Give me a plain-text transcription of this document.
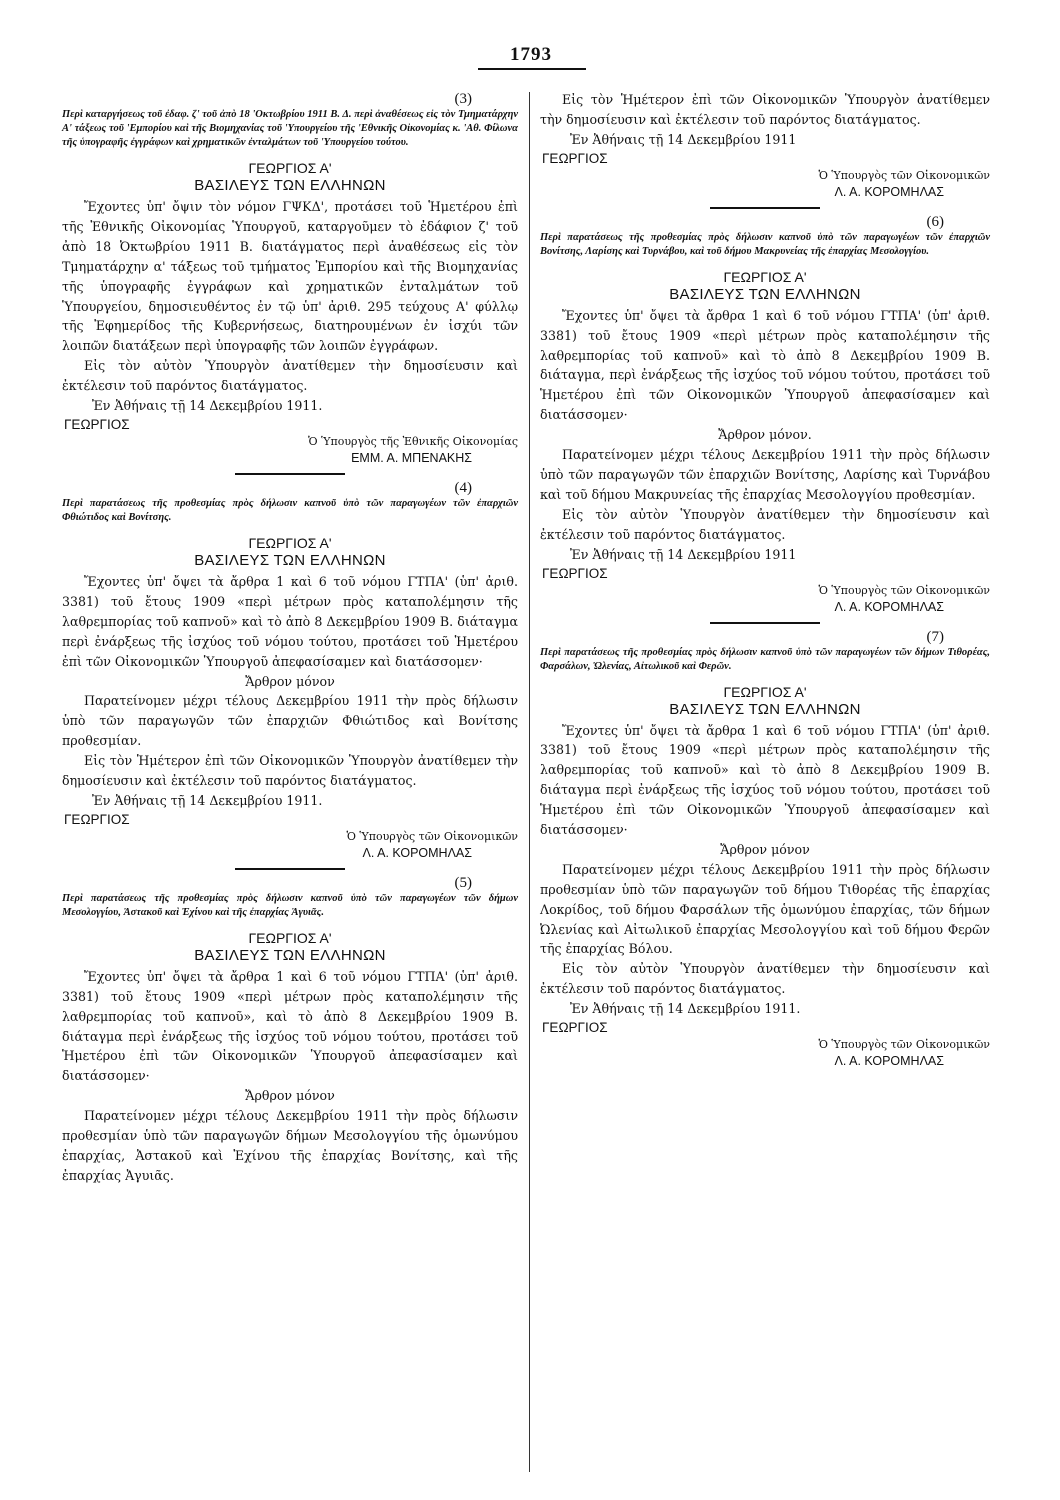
1793

(3)

Περὶ καταργήσεως τοῦ ἐδαφ. ζ' τοῦ ἀπὸ 18 'Οκτωβρίου 1911 Β. Δ. περὶ ἀναθέσεως εἰς τὸν Τμηματάρχην Α' τάξεως τοῦ 'Εμπορίου καὶ τῆς Βιομηχανίας τοῦ 'Υπουργείου τῆς 'Εθνικῆς Οἰκονομίας κ. 'Αθ. Φίλωνα τῆς ὑπογραφῆς ἐγγράφων καὶ χρηματικῶν ἐνταλμάτων τοῦ 'Υπουργείου τούτου.

ΓΕΩΡΓΙΟΣ Α'

ΒΑΣΙΛΕΥΣ ΤΩΝ ΕΛΛΗΝΩΝ

Ἔχοντες ὑπ' ὄψιν τὸν νόμον ΓΨΚΔ', προτάσει τοῦ Ἡμετέρου ἐπὶ τῆς Ἐθνικῆς Οἰκονομίας Ὑπουργοῦ, καταργοῦμεν τὸ ἐδάφιον ζ' τοῦ ἀπὸ 18 Ὀκτωβρίου 1911 Β. διατάγματος περὶ ἀναθέσεως εἰς τὸν Τμηματάρχην α' τάξεως τοῦ τμήματος Ἐμπορίου καὶ τῆς Βιομηχανίας τῆς ὑπογραφῆς ἐγγράφων καὶ χρηματικῶν ἐνταλμάτων τοῦ Ὑπουργείου, δημοσιευθέντος ἐν τῷ ὑπ' ἀριθ. 295 τεύχους Α' φύλλῳ τῆς Ἐφημερίδος τῆς Κυβερνήσεως, διατηρουμένων ἐν ἰσχύι τῶν λοιπῶν διατάξεων περὶ ὑπογραφῆς τῶν λοιπῶν ἐγγράφων.

Εἰς τὸν αὐτὸν Ὑπουργὸν ἀνατίθεμεν τὴν δημοσίευσιν καὶ ἐκτέλεσιν τοῦ παρόντος διατάγματος.

Ἐν Ἀθήναις τῇ 14 Δεκεμβρίου 1911.

ΓΕΩΡΓΙΟΣ

Ὁ Ὑπουργὸς τῆς Ἐθνικῆς Οἰκονομίας

ΕΜΜ. Α. ΜΠΕΝΑΚΗΣ

(4)

Περὶ παρατάσεως τῆς προθεσμίας πρὸς δήλωσιν καπνοῦ ὑπὸ τῶν παραγωγέων τῶν ἐπαρχιῶν Φθιώτιδος καὶ Βονίτσης.

ΓΕΩΡΓΙΟΣ Α'

ΒΑΣΙΛΕΥΣ ΤΩΝ ΕΛΛΗΝΩΝ

Ἔχοντες ὑπ' ὄψει τὰ ἄρθρα 1 καὶ 6 τοῦ νόμου ΓΤΠΑ' (ὑπ' ἀριθ. 3381) τοῦ ἔτους 1909 «περὶ μέτρων πρὸς καταπολέμησιν τῆς λαθρεμπορίας τοῦ καπνοῦ» καὶ τὸ ἀπὸ 8 Δεκεμβρίου 1909 Β. διάταγμα περὶ ἐνάρξεως τῆς ἰσχύος τοῦ νόμου τούτου, προτάσει τοῦ Ἡμετέρου ἐπὶ τῶν Οἰκονομικῶν Ὑπουργοῦ ἀπεφασίσαμεν καὶ διατάσσομεν·

Ἄρθρον μόνον

Παρατείνομεν μέχρι τέλους Δεκεμβρίου 1911 τὴν πρὸς δήλωσιν ὑπὸ τῶν παραγωγῶν τῶν ἐπαρχιῶν Φθιώτιδος καὶ Βονίτσης προθεσμίαν.

Εἰς τὸν Ἡμέτερον ἐπὶ τῶν Οἰκονομικῶν Ὑπουργὸν ἀνατίθεμεν τὴν δημοσίευσιν καὶ ἐκτέλεσιν τοῦ παρόντος διατάγματος.

Ἐν Ἀθήναις τῇ 14 Δεκεμβρίου 1911.

ΓΕΩΡΓΙΟΣ

Ὁ Ὑπουργὸς τῶν Οἰκονομικῶν

Λ. Α. ΚΟΡΟΜΗΛΑΣ

(5)

Περὶ παρατάσεως τῆς προθεσμίας πρὸς δήλωσιν καπνοῦ ὑπὸ τῶν παραγωγέων τῶν δήμων Μεσολογγίου, Ἀστακοῦ καὶ Ἐχίνου καὶ τῆς ἐπαρχίας Ἀγυιᾶς.

ΓΕΩΡΓΙΟΣ Α'

ΒΑΣΙΛΕΥΣ ΤΩΝ ΕΛΛΗΝΩΝ

Ἔχοντες ὑπ' ὄψει τὰ ἄρθρα 1 καὶ 6 τοῦ νόμου ΓΤΠΑ' (ὑπ' ἀριθ. 3381) τοῦ ἔτους 1909 «περὶ μέτρων πρὸς καταπολέμησιν τῆς λαθρεμπορίας τοῦ καπνοῦ», καὶ τὸ ἀπὸ 8 Δεκεμβρίου 1909 Β. διάταγμα περὶ ἐνάρξεως τῆς ἰσχύος τοῦ νόμου τούτου, προτάσει τοῦ Ἡμετέρου ἐπὶ τῶν Οἰκονομικῶν Ὑπουργοῦ ἀπεφασίσαμεν καὶ διατάσσομεν·

Ἄρθρον μόνον

Παρατείνομεν μέχρι τέλους Δεκεμβρίου 1911 τὴν πρὸς δήλωσιν προθεσμίαν ὑπὸ τῶν παραγωγῶν δήμων Μεσολογγίου τῆς ὁμωνύμου ἐπαρχίας, Ἀστακοῦ καὶ Ἐχίνου τῆς ἐπαρχίας Βονίτσης, καὶ τῆς ἐπαρχίας Ἀγυιᾶς.

Εἰς τὸν Ἡμέτερον ἐπὶ τῶν Οἰκονομικῶν Ὑπουργὸν ἀνατίθεμεν τὴν δημοσίευσιν καὶ ἐκτέλεσιν τοῦ παρόντος διατάγματος.

Ἐν Ἀθήναις τῇ 14 Δεκεμβρίου 1911

ΓΕΩΡΓΙΟΣ

Ὁ Ὑπουργὸς τῶν Οἰκονομικῶν

Λ. Α. ΚΟΡΟΜΗΛΑΣ

(6)

Περὶ παρατάσεως τῆς προθεσμίας πρὸς δήλωσιν καπνοῦ ὑπὸ τῶν παραγωγέων τῶν ἐπαρχιῶν Βονίτσης, Λαρίσης καὶ Τυρνάβου, καὶ τοῦ δήμου Μακρυνείας τῆς ἐπαρχίας Μεσολογγίου.

ΓΕΩΡΓΙΟΣ Α'

ΒΑΣΙΛΕΥΣ ΤΩΝ ΕΛΛΗΝΩΝ

Ἔχοντες ὑπ' ὄψει τὰ ἄρθρα 1 καὶ 6 τοῦ νόμου ΓΤΠΑ' (ὑπ' ἀριθ. 3381) τοῦ ἔτους 1909 «περὶ μέτρων πρὸς καταπολέμησιν τῆς λαθρεμπορίας τοῦ καπνοῦ» καὶ τὸ ἀπὸ 8 Δεκεμβρίου 1909 Β. διάταγμα, περὶ ἐνάρξεως τῆς ἰσχύος τοῦ νόμου τούτου, προτάσει τοῦ Ἡμετέρου ἐπὶ τῶν Οἰκονομικῶν Ὑπουργοῦ ἀπεφασίσαμεν καὶ διατάσσομεν·

Ἄρθρον μόνον.

Παρατείνομεν μέχρι τέλους Δεκεμβρίου 1911 τὴν πρὸς δήλωσιν ὑπὸ τῶν παραγωγῶν τῶν ἐπαρχιῶν Βονίτσης, Λαρίσης καὶ Τυρνάβου καὶ τοῦ δήμου Μακρυνείας τῆς ἐπαρχίας Μεσολογγίου προθεσμίαν.

Εἰς τὸν αὐτὸν Ὑπουργὸν ἀνατίθεμεν τὴν δημοσίευσιν καὶ ἐκτέλεσιν τοῦ παρόντος διατάγματος.

Ἐν Ἀθήναις τῇ 14 Δεκεμβρίου 1911

ΓΕΩΡΓΙΟΣ

Ὁ Ὑπουργὸς τῶν Οἰκονομικῶν

Λ. Α. ΚΟΡΟΜΗΛΑΣ

(7)

Περὶ παρατάσεως τῆς προθεσμίας πρὸς δήλωσιν καπνοῦ ὑπὸ τῶν παραγωγέων τῶν δήμων Τιθορέας, Φαρσάλων, Ὠλενίας, Αἰτωλικοῦ καὶ Φερῶν.

ΓΕΩΡΓΙΟΣ Α'

ΒΑΣΙΛΕΥΣ ΤΩΝ ΕΛΛΗΝΩΝ

Ἔχοντες ὑπ' ὄψει τὰ ἄρθρα 1 καὶ 6 τοῦ νόμου ΓΤΠΑ' (ὑπ' ἀριθ. 3381) τοῦ ἔτους 1909 «περὶ μέτρων πρὸς καταπολέμησιν τῆς λαθρεμπορίας τοῦ καπνοῦ» καὶ τὸ ἀπὸ 8 Δεκεμβρίου 1909 Β. διάταγμα περὶ ἐνάρξεως τῆς ἰσχύος τοῦ νόμου τούτου, προτάσει τοῦ Ἡμετέρου ἐπὶ τῶν Οἰκονομικῶν Ὑπουργοῦ ἀπεφασίσαμεν καὶ διατάσσομεν·

Ἄρθρον μόνον

Παρατείνομεν μέχρι τέλους Δεκεμβρίου 1911 τὴν πρὸς δήλωσιν προθεσμίαν ὑπὸ τῶν παραγωγῶν τοῦ δήμου Τιθορέας τῆς ἐπαρχίας Λοκρίδος, τοῦ δήμου Φαρσάλων τῆς ὁμωνύμου ἐπαρχίας, τῶν δήμων Ὠλενίας καὶ Αἰτωλικοῦ ἐπαρχίας Μεσολογγίου καὶ τοῦ δήμου Φερῶν τῆς ἐπαρχίας Βόλου.

Εἰς τὸν αὐτὸν Ὑπουργὸν ἀνατίθεμεν τὴν δημοσίευσιν καὶ ἐκτέλεσιν τοῦ παρόντος διατάγματος.

Ἐν Ἀθήναις τῇ 14 Δεκεμβρίου 1911.

ΓΕΩΡΓΙΟΣ

Ὁ Ὑπουργὸς τῶν Οἰκονομικῶν

Λ. Α. ΚΟΡΟΜΗΛΑΣ
